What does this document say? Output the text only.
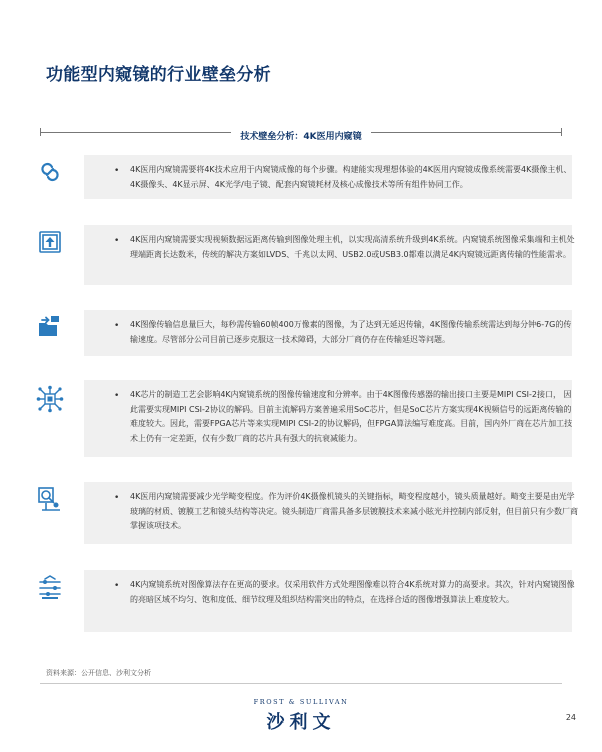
功能型内窥镜的行业壁垒分析
技术壁垒分析：4K医用内窥镜
• 4K医用内窥镜需要将4K技术应用于内窥镜成像的每个步骤。构建能实现理想体验的4K医用内窥镜成像系统需要4K摄像主机、4K摄像头、4K显示屏、4K光学/电子镜、配套内窥镜耗材及核心成像技术等所有组件协同工作。
• 4K医用内窥镜需要实现视频数据远距离传输到图像处理主机，以实现高清系统升级到4K系统。内窥镜系统图像采集端和主机处理端距离长达数米，传统的解决方案如LVDS、千兆以太网、USB2.0或USB3.0都难以满足4K内窥镜远距离传输的性能需求。
• 4K图像传输信息量巨大，每秒需传输60帧400万像素的图像，为了达到无延迟传输，4K图像传输系统需达到每分钟6-7G的传输速度。尽管部分公司目前已逐步克服这一技术障碍，大部分厂商仍存在传输延迟等问题。
• 4K芯片的制造工艺会影响4K内窥镜系统的图像传输速度和分辨率。由于4K图像传感器的输出接口主要是MIPI CSI-2接口， 因此需要实现MIPI CSI-2协议的解码。目前主流解码方案普遍采用SoC芯片，但是SoC芯片方案实现4K视频信号的远距离传输的难度较大。因此，需要FPGA芯片等来实现MIPI CSI-2的协议解码，但FPGA算法编写难度高。目前，国内外厂商在芯片加工技术上仍有一定差距，仅有少数厂商的芯片具有强大的抗衰减能力。
• 4K医用内窥镜需要减少光学畸变程度。作为评价4K摄像机镜头的关键指标，畸变程度越小，镜头质量越好。畸变主要是由光学玻璃的材质、镀膜工艺和镜头结构等决定。镜头制造厂商需具备多层镀膜技术来减小眩光并控制内部反射，但目前只有少数厂商掌握该项技术。
• 4K内窥镜系统对图像算法存在更高的要求。仅采用软件方式处理图像难以符合4K系统对算力的高要求。其次，针对内窥镜图像的亮暗区域不均匀、饱和度低、细节纹理及组织结构需突出的特点，在选择合适的图像增强算法上难度较大。
资料来源：公开信息、沙利文分析
FROST & SULLIVAN
沙利文	24
